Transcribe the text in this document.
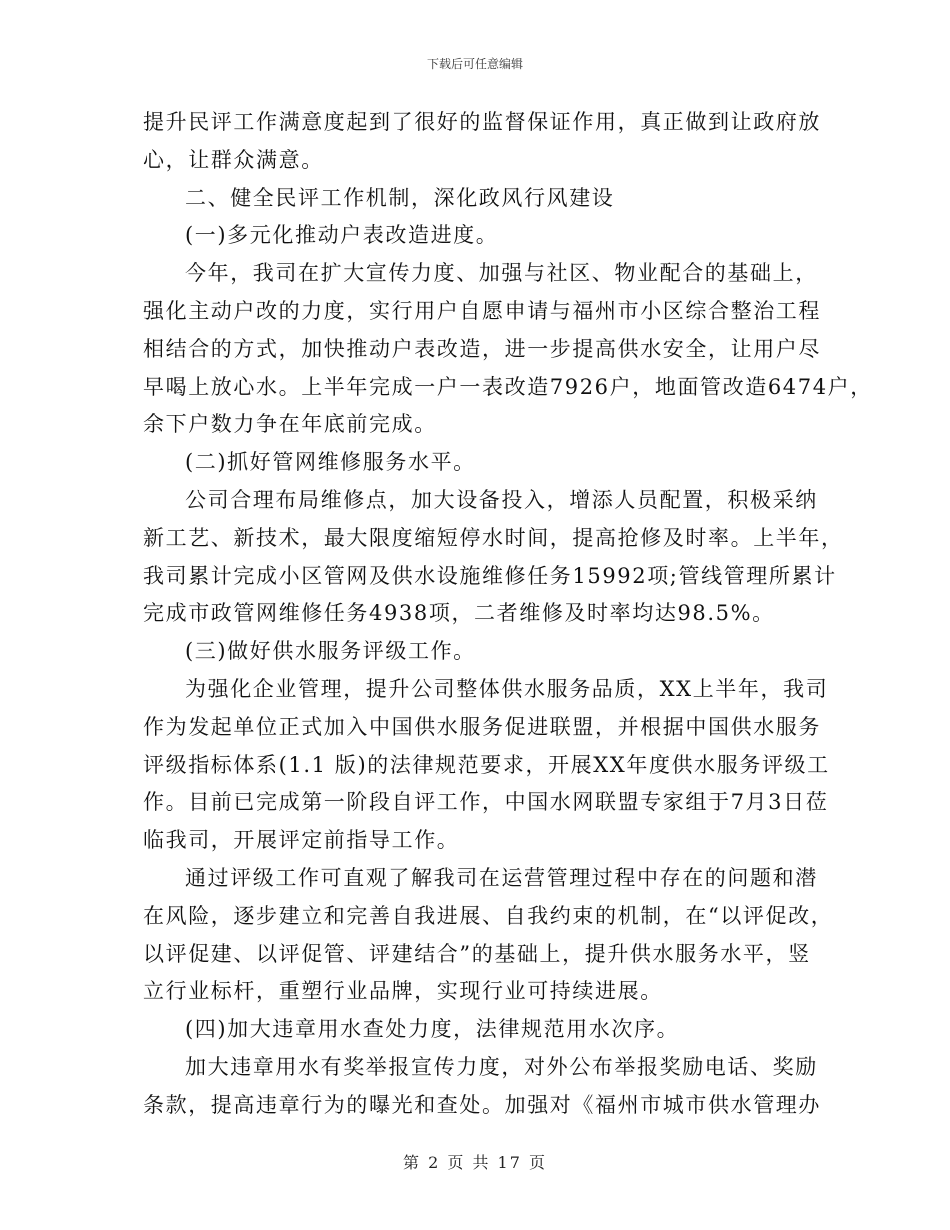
下载后可任意编辑
提升民评工作满意度起到了很好的监督保证作用，真正做到让政府放
心，让群众满意。
二、健全民评工作机制，深化政风行风建设
(一)多元化推动户表改造进度。
今年，我司在扩大宣传力度、加强与社区、物业配合的基础上，
强化主动户改的力度，实行用户自愿申请与福州市小区综合整治工程
相结合的方式，加快推动户表改造，进一步提高供水安全，让用户尽
早喝上放心水。上半年完成一户一表改造7926户，地面管改造6474户，
余下户数力争在年底前完成。
(二)抓好管网维修服务水平。
公司合理布局维修点，加大设备投入，增添人员配置，积极采纳
新工艺、新技术，最大限度缩短停水时间，提高抢修及时率。上半年，
我司累计完成小区管网及供水设施维修任务15992项;管线管理所累计
完成市政管网维修任务4938项，二者维修及时率均达98.5%。
(三)做好供水服务评级工作。
为强化企业管理，提升公司整体供水服务品质，XX上半年，我司
作为发起单位正式加入中国供水服务促进联盟，并根据中国供水服务
评级指标体系(1.1 版)的法律规范要求，开展XX年度供水服务评级工
作。目前已完成第一阶段自评工作，中国水网联盟专家组于7月3日莅
临我司，开展评定前指导工作。
通过评级工作可直观了解我司在运营管理过程中存在的问题和潜
在风险，逐步建立和完善自我进展、自我约束的机制，在“以评促改，
以评促建、以评促管、评建结合”的基础上，提升供水服务水平，竖
立行业标杆，重塑行业品牌，实现行业可持续进展。
(四)加大违章用水查处力度，法律规范用水次序。
加大违章用水有奖举报宣传力度，对外公布举报奖励电话、奖励
条款，提高违章行为的曝光和查处。加强对《福州市城市供水管理办
第 2 页 共 17 页
